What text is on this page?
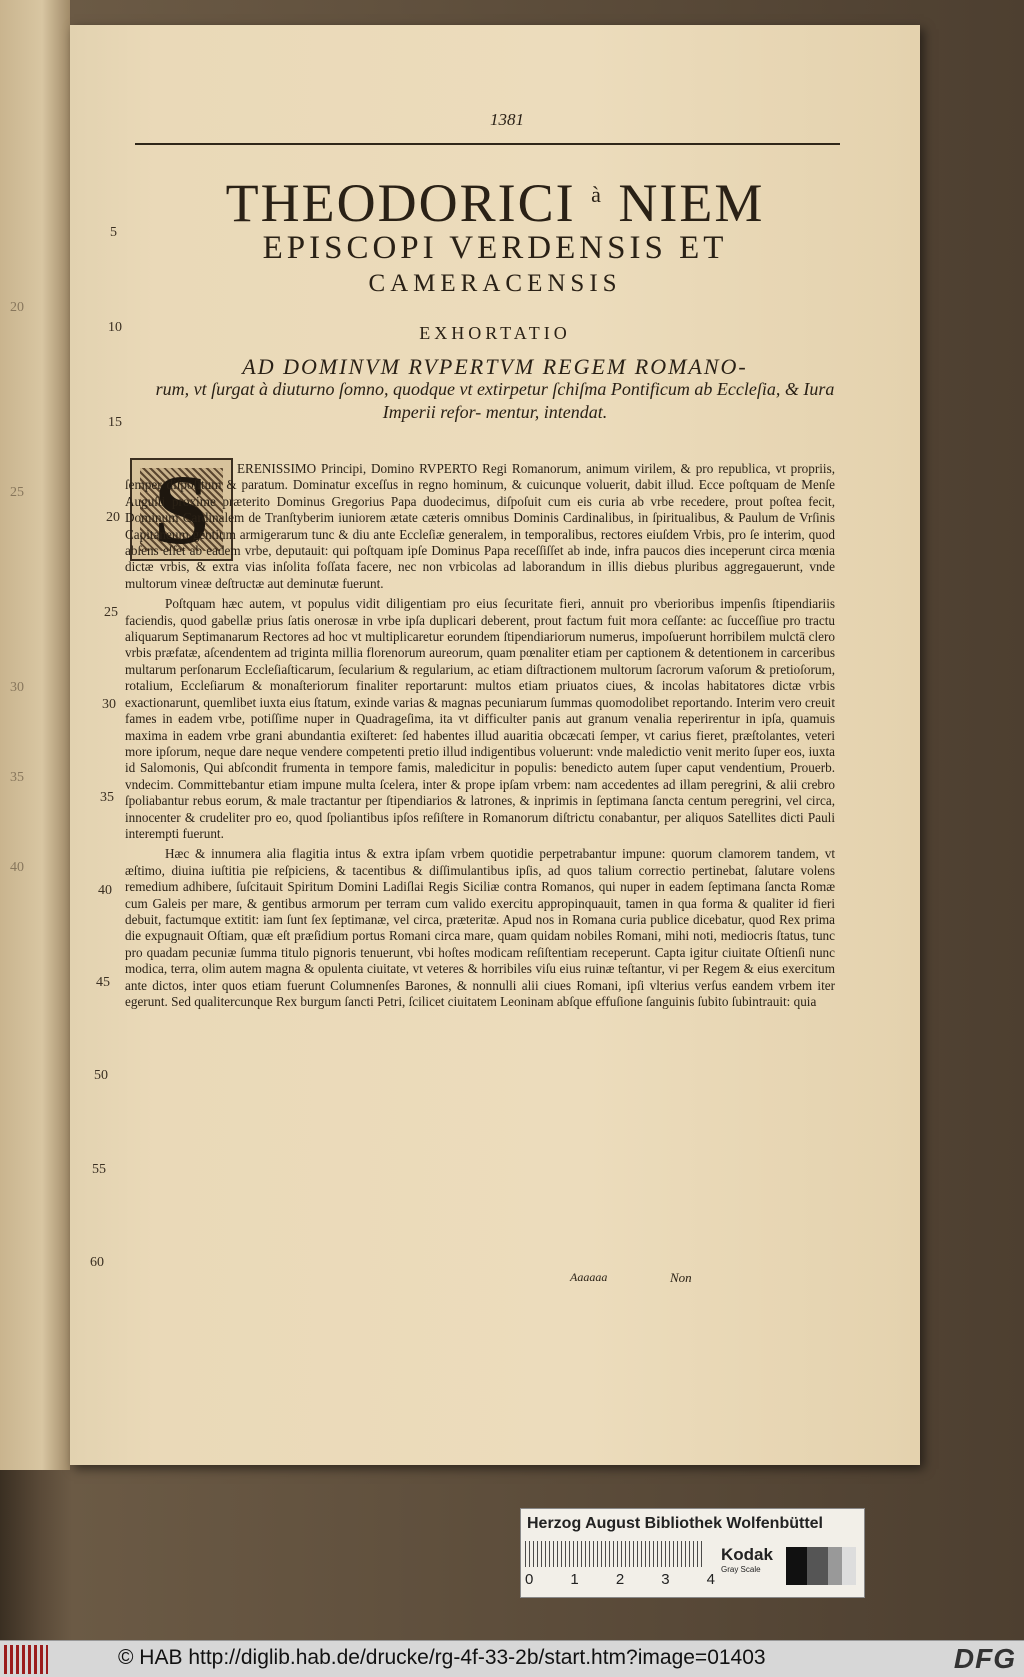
20
25
30
35
40
1381
5
10
15
20
25
30
35
40
45
50
55
60
THEODORICI $^à$ NIEM
EPISCOPI VERDENSIS ET
CAMERACENSIS
EXHORTATIO
AD DOMINVM RVPERTVM REGEM ROMANO-
rum, vt ſurgat à diuturno ſomno, quodque vt extirpetur ſchiſma Pontificum ab Eccleſia, & Iura Imperii refor- mentur, intendat.
S	ERENISSIMO Principi, Domino RVPERTO Regi Romanorum, animum virilem, & pro republica, vt propriis, ſemper diſpoſitum & paratum. Dominatur exceſſus in regno hominum, & cuicunque voluerit, dabit illud. Ecce poſtquam de Menſe Auguſti proxime præterito Dominus Gregorius Papa duodecimus, diſpoſuit cum eis curia ab vrbe recedere, prout poſtea fecit, Dominum Cardinalem de Tranſtyberim iuniorem ætate cæteris omnibus Dominis Cardinalibus, in ſpiritualibus, & Paulum de Vrſinis Capitaneum gentium armigerarum tunc & diu ante Eccleſiæ generalem, in temporalibus, rectores eiuſdem Vrbis, pro ſe interim, quod abſens eſſet ab eadem vrbe, deputauit: qui poſtquam ipſe Dominus Papa receſſiſſet ab inde, infra paucos dies inceperunt circa mœnia dictæ vrbis, & extra vias inſolita foſſata facere, nec non vrbicolas ad laborandum in illis diebus pluribus aggregauerunt, vnde multorum vineæ deſtructæ aut deminutæ fuerunt.

Poſtquam hæc autem, vt populus vidit diligentiam pro eius ſecuritate fieri, annuit pro vberioribus impenſis ſtipendiariis faciendis, quod gabellæ prius ſatis onerosæ in vrbe ipſa duplicari deberent, prout factum fuit mora ceſſante: ac ſucceſſiue pro tractu aliquarum Septimanarum Rectores ad hoc vt multiplicaretur eorundem ſtipendiariorum numerus, impoſuerunt horribilem mulctā clero vrbis præfatæ, aſcendentem ad triginta millia florenorum aureorum, quam pœnaliter etiam per captionem & detentionem in carceribus multarum perſonarum Eccleſiaſticarum, ſecularium & regularium, ac etiam diſtractionem multorum ſacrorum vaſorum & pretioſorum, rotalium, Eccleſiarum & monaſteriorum finaliter reportarunt: multos etiam priuatos ciues, & incolas habitatores dictæ vrbis exactionarunt, quemlibet iuxta eius ſtatum, exinde varias & magnas pecuniarum ſummas quomodolibet reportando. Interim vero creuit fames in eadem vrbe, potiſſime nuper in Quadrageſima, ita vt difficulter panis aut granum venalia reperirentur in ipſa, quamuis maxima in eadem vrbe grani abundantia exiſteret: ſed habentes illud auaritia obcæcati ſemper, vt carius fieret, præſtolantes, veteri more ipſorum, neque dare neque vendere competenti pretio illud indigentibus voluerunt: vnde maledictio venit merito ſuper eos, iuxta id Salomonis, Qui abſcondit frumenta in tempore famis, maledicitur in populis: benedicto autem ſuper caput vendentium, Prouerb. vndecim. Committebantur etiam impune multa ſcelera, inter & prope ipſam vrbem: nam accedentes ad illam peregrini, & alii crebro ſpoliabantur rebus eorum, & male tractantur per ſtipendiarios & latrones, & inprimis in ſeptimana ſancta centum peregrini, vel circa, innocenter & crudeliter pro eo, quod ſpoliantibus ipſos reſiſtere in Romanorum diſtrictu conabantur, per aliquos Satellites dicti Pauli interempti fuerunt.

Hæc & innumera alia flagitia intus & extra ipſam vrbem quotidie perpetrabantur impune: quorum clamorem tandem, vt æſtimo, diuina iuſtitia pie reſpiciens, & tacentibus & diſſimulantibus ipſis, ad quos talium correctio pertinebat, ſalutare volens remedium adhibere, ſuſcitauit Spiritum Domini Ladiſlai Regis Siciliæ contra Romanos, qui nuper in eadem ſeptimana ſancta Romæ cum Galeis per mare, & gentibus armorum per terram cum valido exercitu appropinquauit, tamen in qua forma & qualiter id fieri debuit, factumque extitit: iam ſunt ſex ſeptimanæ, vel circa, præteritæ. Apud nos in Romana curia publice dicebatur, quod Rex prima die expugnauit Oſtiam, quæ eſt præſidium portus Romani circa mare, quam quidam nobiles Romani, mihi noti, mediocris ſtatus, tunc pro quadam pecuniæ ſumma titulo pignoris tenuerunt, vbi hoſtes modicam reſiſtentiam receperunt. Capta igitur ciuitate Oſtienſi nunc modica, terra, olim autem magna & opulenta ciuitate, vt veteres & horribiles viſu eius ruinæ teſtantur, vi per Regem & eius exercitum ante dictos, inter quos etiam fuerunt Columnenſes Barones, & nonnulli alii ciues Romani, ipſi vlterius verſus eandem vrbem iter egerunt. Sed qualitercunque Rex burgum ſancti Petri, ſcilicet ciuitatem Leoninam abſque effuſione ſanguinis ſubito ſubintrauit: quia

Aaaaaa	Non
Herzog August Bibliothek Wolfenbüttel
0 1 2 3 4
Kodak
Gray Scale
© HAB http://diglib.hab.de/drucke/rg-4f-33-2b/start.htm?image=01403	DFG
